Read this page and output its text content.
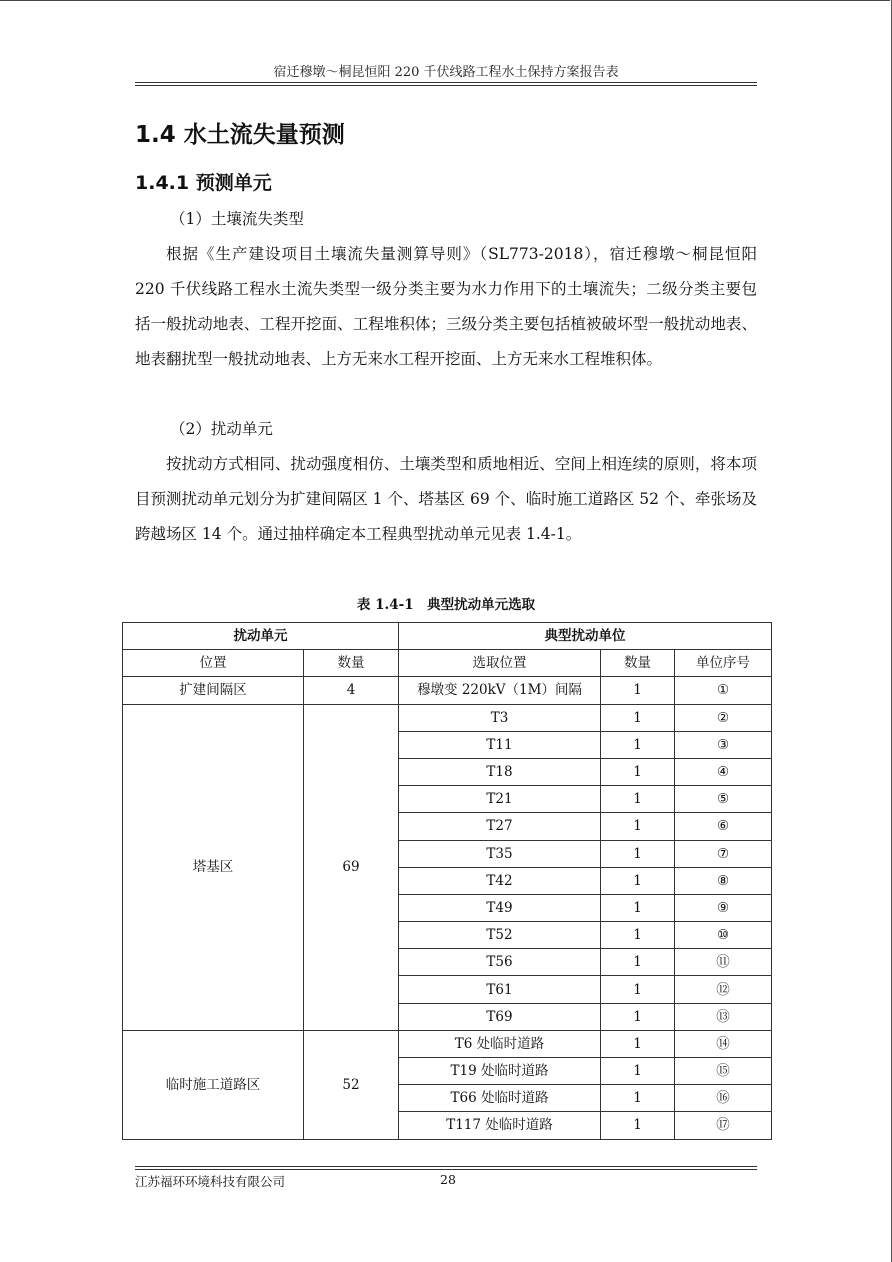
宿迁穆墩～桐昆恒阳 220 千伏线路工程水土保持方案报告表
1.4 水土流失量预测
1.4.1 预测单元
（1）土壤流失类型

根据《生产建设项目土壤流失量测算导则》（SL773-2018），宿迁穆墩～桐昆恒阳 220 千伏线路工程水土流失类型一级分类主要为水力作用下的土壤流失；二级分类主要包括一般扰动地表、工程开挖面、工程堆积体；三级分类主要包括植被破坏型一般扰动地表、地表翻扰型一般扰动地表、上方无来水工程开挖面、上方无来水工程堆积体。

（2）扰动单元

按扰动方式相同、扰动强度相仿、土壤类型和质地相近、空间上相连续的原则，将本项目预测扰动单元划分为扩建间隔区 1 个、塔基区 69 个、临时施工道路区 52 个、牵张场及跨越场区 14 个。通过抽样确定本工程典型扰动单元见表 1.4-1。

表 1.4-1　典型扰动单元选取
扰动单元		典型扰动单位		
位置	数量	选取位置	数量	单位序号
扩建间隔区	4	穆墩变 220kV（1M）间隔	1	①
塔基区	69	T3	1	②
		T11	1	③
		T18	1	④
		T21	1	⑤
		T27	1	⑥
		T35	1	⑦
		T42	1	⑧
		T49	1	⑨
		T52	1	⑩
		T56	1	⑪
		T61	1	⑫
		T69	1	⑬
临时施工道路区	52	T6 处临时道路	1	⑭
		T19 处临时道路	1	⑮
		T66 处临时道路	1	⑯
		T117 处临时道路	1	⑰
江苏福环环境科技有限公司	28
